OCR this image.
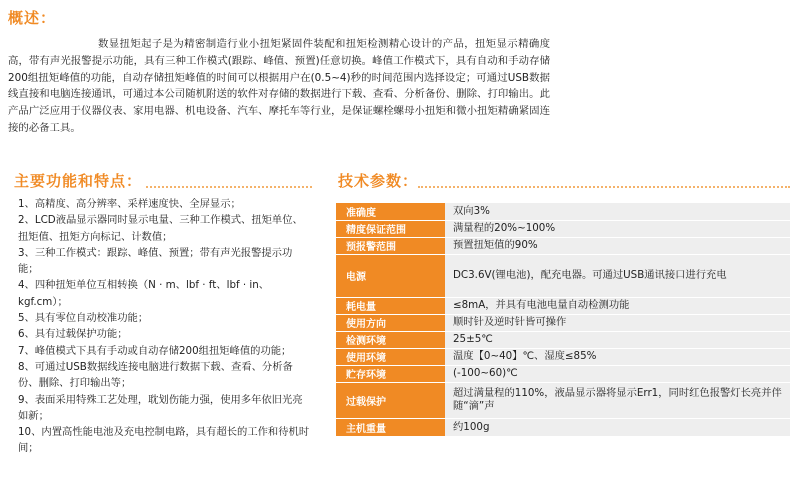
概述：

数显扭矩起子是为精密制造行业小扭矩紧固件装配和扭矩检测精心设计的产品，扭矩显示精确度高，带有声光报警提示功能，具有三种工作模式(跟踪、峰值、预置)任意切换。峰值工作模式下，具有自动和手动存储200组扭矩峰值的功能，自动存储扭矩峰值的时间可以根据用户在(0.5~4)秒的时间范围内选择设定；可通过USB数据线直接和电脑连接通讯，可通过本公司随机附送的软件对存储的数据进行下载、查看、分析备份、删除、打印输出。此产品广泛应用于仪器仪表、家用电器、机电设备、汽车、摩托车等行业，是保证螺栓螺母小扭矩和微小扭矩精确紧固连接的必备工具。

主要功能和特点：
1、高精度、高分辨率、采样速度快、全屏显示；
2、LCD液晶显示器同时显示电量、三种工作模式、扭矩单位、扭矩值、扭矩方向标记、计数值；
3、三种工作模式：跟踪、峰值、预置；带有声光报警提示功能；
4、四种扭矩单位互相转换（N · m、lbf · ft、lbf · in、kgf.cm）；
5、具有零位自动校准功能；
6、具有过载保护功能；
7、峰值模式下具有手动或自动存储200组扭矩峰值的功能；
8、可通过USB数据线连接电脑进行数据下载、查看、分析备份、删除、打印输出等；
9、表面采用特殊工艺处理，耽划伤能力强，使用多年依旧光亮如新；
10、内置高性能电池及充电控制电路，具有超长的工作和待机时间；
技术参数：
准确度	双向3%
精度保证范围	满量程的20%~100%
预报警范围	预置扭矩值的90%
电源	DC3.6V(锂电池)，配充电器。可通过USB通讯接口进行充电
耗电量	≤8mA，并具有电池电量自动检测功能
使用方向	顺时针及逆时针皆可操作
检测环境	25±5℃
使用环境	温度【0~40】℃、湿度≤85%
贮存环境	(-100~60)℃
过载保护	超过满量程的110%，液晶显示器将显示Err1，同时红色报警灯长亮并伴随“滴”声
主机重量	约100g
